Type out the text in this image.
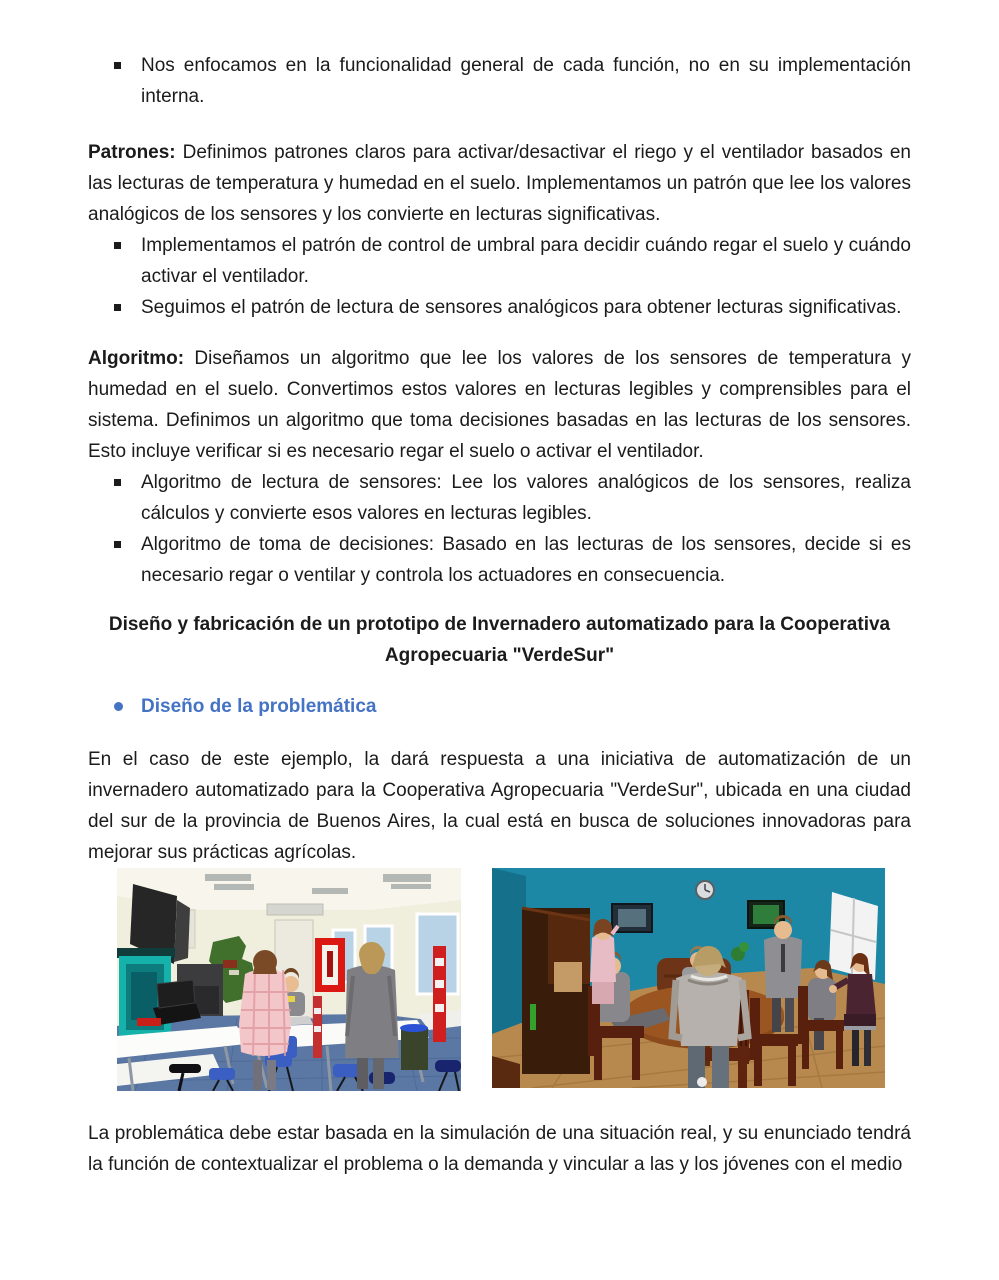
Nos enfocamos en la funcionalidad general de cada función, no en su implementación interna.

Patrones: Definimos patrones claros para activar/desactivar el riego y el ventilador basados en las lecturas de temperatura y humedad en el suelo. Implementamos un patrón que lee los valores analógicos de los sensores y los convierte en lecturas significativas.

Implementamos el patrón de control de umbral para decidir cuándo regar el suelo y cuándo activar el ventilador.
Seguimos el patrón de lectura de sensores analógicos para obtener lecturas significativas.

Algoritmo: Diseñamos un algoritmo que lee los valores de los sensores de temperatura y humedad en el suelo. Convertimos estos valores en lecturas legibles y comprensibles para el sistema. Definimos un algoritmo que toma decisiones basadas en las lecturas de los sensores. Esto incluye verificar si es necesario regar el suelo o activar el ventilador.

Algoritmo de lectura de sensores: Lee los valores analógicos de los sensores, realiza cálculos y convierte esos valores en lecturas legibles.
Algoritmo de toma de decisiones: Basado en las lecturas de los sensores, decide si es necesario regar o ventilar y controla los actuadores en consecuencia.
Diseño y fabricación de un prototipo de Invernadero automatizado para la Cooperativa Agropecuaria "VerdeSur"
Diseño de la problemática

En el caso de este ejemplo, la dará respuesta a una iniciativa de automatización de un invernadero automatizado para la Cooperativa Agropecuaria "VerdeSur", ubicada en una ciudad del sur de la provincia de Buenos Aires, la cual está en busca de soluciones innovadoras para mejorar sus prácticas agrícolas.

La problemática debe estar basada en la simulación de una situación real, y su enunciado tendrá la función de contextualizar el problema o la demanda y vincular a las y los jóvenes con el medio
